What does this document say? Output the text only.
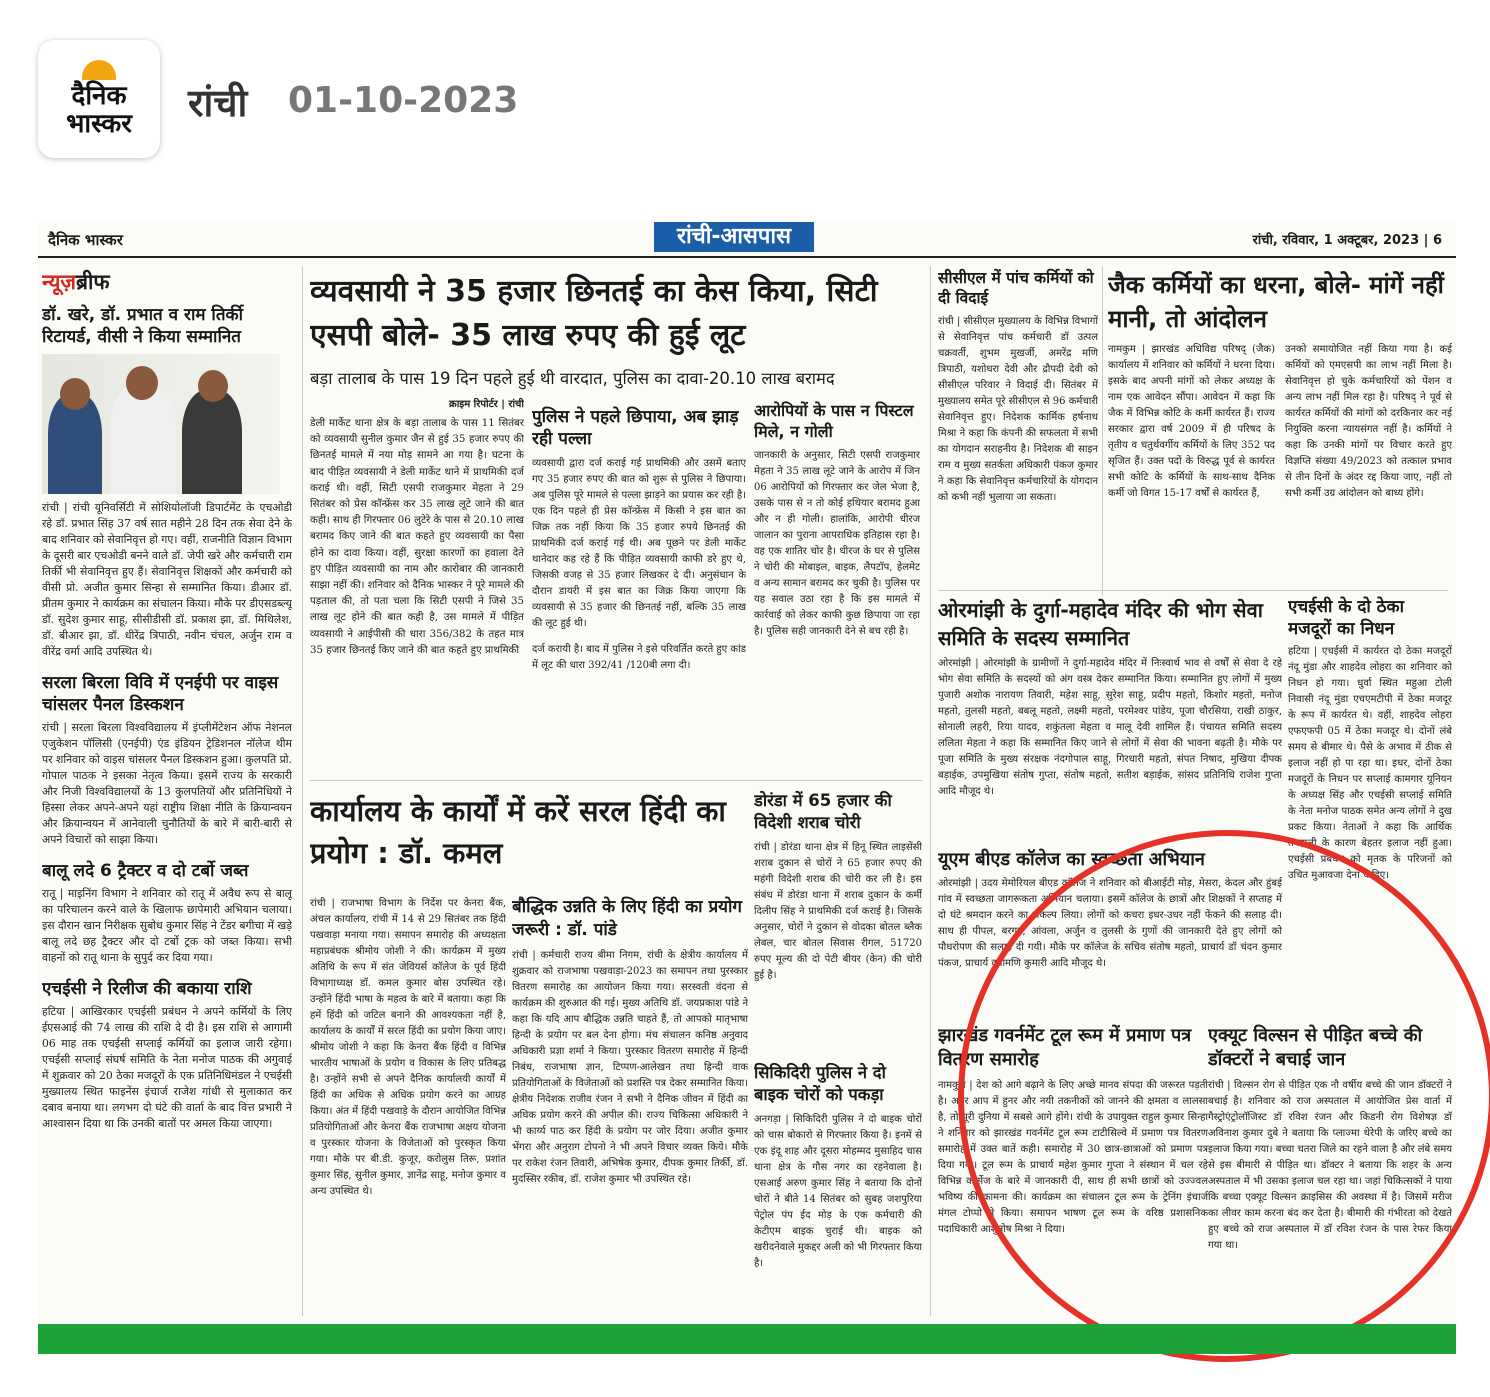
दैनिक
भास्कर रांची 01-10-2023
दैनिक भास्कर	रांची-आसपास	रांची, रविवार, 1 अक्टूबर, 2023 | 6
न्यूज़ब्रीफ
डॉ. खरे, डॉ. प्रभात व राम तिर्की रिटायर्ड, वीसी ने किया सम्मानित

रांची | रांची यूनिवर्सिटी में सोशियोलॉजी डिपार्टमेंट के एचओडी रहे डॉ. प्रभात सिंह 37 वर्ष सात महीने 28 दिन तक सेवा देने के बाद शनिवार को सेवानिवृत्त हो गए। वहीं, राजनीति विज्ञान विभाग के दूसरी बार एचओडी बनने वाले डॉ. जेपी खरे और कर्मचारी राम तिर्की भी सेवानिवृत्त हुए हैं। सेवानिवृत्त शिक्षकों और कर्मचारी को वीसी प्रो. अजीत कुमार सिन्हा से सम्मानित किया। डीआर डॉ. प्रीतम कुमार ने कार्यक्रम का संचालन किया। मौके पर डीएसडब्ल्यू डॉ. सुदेश कुमार साहू, सीसीडीसी डॉ. प्रकाश झा, डॉ. मिथिलेश, डॉ. बीआर झा, डॉ. धीरेंद्र त्रिपाठी, नवीन चंचल, अर्जुन राम व वीरेंद्र वर्मा आदि उपस्थित थे।

सरला बिरला विवि में एनईपी पर वाइस चांसलर पैनल डिस्कशन

रांची | सरला बिरला विश्वविद्यालय में इंप्लीमेंटेशन ऑफ नेशनल एजुकेशन पॉलिसी (एनईपी) एंड इंडियन ट्रेडिशनल नॉलेज थीम पर शनिवार को वाइस चांसलर पैनल डिस्कशन हुआ। कुलपति प्रो. गोपाल पाठक ने इसका नेतृत्व किया। इसमें राज्य के सरकारी और निजी विश्वविद्यालयों के 13 कुलपतियों और प्रतिनिधियों ने हिस्सा लेकर अपने-अपने यहां राष्ट्रीय शिक्षा नीति के क्रियान्वयन और क्रियान्वयन में आनेवाली चुनौतियों के बारे में बारी-बारी से अपने विचारों को साझा किया।

बालू लदे 6 ट्रैक्टर व दो टर्बो जब्त

रातू | माइनिंग विभाग ने शनिवार को रातू में अवैध रूप से बालू का परिचालन करने वाले के खिलाफ छापेमारी अभियान चलाया। इस दौरान खान निरीक्षक सुबोध कुमार सिंह ने टेंडर बगीचा में खड़े बालू लदे छह ट्रैक्टर और दो टर्बो ट्रक को जब्त किया। सभी वाहनों को रातू थाना के सुपुर्द कर दिया गया।

एचईसी ने रिलीज की बकाया राशि

हटिया | आखिरकार एचईसी प्रबंधन ने अपने कर्मियों के लिए ईएसआई की 74 लाख की राशि दे दी है। इस राशि से आगामी 06 माह तक एचईसी सप्लाई कर्मियों का इलाज जारी रहेगा। एचईसी सप्लाई संघर्ष समिति के नेता मनोज पाठक की अगुवाई में शुक्रवार को 20 ठेका मजदूरों के एक प्रतिनिधिमंडल ने एचईसी मुख्यालय स्थित फाइनेंस इंचार्ज राजेश गांधी से मुलाकात कर दबाव बनाया था। लगभग दो घंटे की वार्ता के बाद वित्त प्रभारी ने आश्वासन दिया था कि उनकी बातों पर अमल किया जाएगा।

व्यवसायी ने 35 हजार छिनतई का केस किया, सिटी एसपी बोले- 35 लाख रुपए की हुई लूट
बड़ा तालाब के पास 19 दिन पहले हुई थी वारदात, पुलिस का दावा-20.10 लाख बरामद
क्राइम रिपोर्टर | रांची

डेली मार्केट थाना क्षेत्र के बड़ा तालाब के पास 11 सितंबर को व्यवसायी सुनील कुमार जैन से हुई 35 हजार रुपए की छिनतई मामले में नया मोड़ सामने आ गया है। घटना के बाद पीड़ित व्यवसायी ने डेली मार्केट थाने में प्राथमिकी दर्ज कराई थी। वहीं, सिटी एसपी राजकुमार मेहता ने 29 सितंबर को प्रेस कॉन्फ्रेंस कर 35 लाख लूटे जाने की बात कही। साथ ही गिरफ्तार 06 लुटेरे के पास से 20.10 लाख बरामद किए जाने की बात कहते हुए व्यवसायी का पैसा होने का दावा किया। वहीं, सुरक्षा कारणों का हवाला देते हुए पीड़ित व्यवसायी का नाम और कारोबार की जानकारी साझा नहीं की। शनिवार को दैनिक भास्कर ने पूरे मामले की पड़ताल की, तो पता चला कि सिटी एसपी ने जिसे 35 लाख लूट होने की बात कही है, उस मामले में पीड़ित व्यवसायी ने आईपीसी की धारा 356/382 के तहत मात्र 35 हजार छिनतई किए जाने की बात कहते हुए प्राथमिकी

पुलिस ने पहले छिपाया, अब झाड़ रही पल्ला

व्यवसायी द्वारा दर्ज कराई गई प्राथमिकी और उसमें बताए गए 35 हजार रुपए की बात को शुरू से पुलिस ने छिपाया। अब पुलिस पूरे मामले से पल्ला झाड़ने का प्रयास कर रही है। एक दिन पहले ही प्रेस कॉन्फ्रेंस में किसी ने इस बात का जिक्र तक नहीं किया कि 35 हजार रुपये छिनतई की प्राथमिकी दर्ज कराई गई थी। अब पूछने पर डेली मार्केट थानेदार कह रहे हैं कि पीड़ित व्यवसायी काफी डरे हुए थे, जिसकी वजह से 35 हजार लिखकर दे दी। अनुसंधान के दौरान डायरी में इस बात का जिक्र किया जाएगा कि व्यवसायी से 35 हजार की छिनतई नहीं, बल्कि 35 लाख की लूट हुई थी।

दर्ज करायी है। बाद में पुलिस ने इसे परिवर्तित करते हुए कांड में लूट की धारा 392/41 /120बी लगा दी।

आरोपियों के पास न पिस्टल मिले, न गोली

जानकारी के अनुसार, सिटी एसपी राजकुमार मेहता ने 35 लाख लूटे जाने के आरोप में जिन 06 आरोपियों को गिरफ्तार कर जेल भेजा है, उसके पास से न तो कोई हथियार बरामद हुआ और न ही गोली। हालांकि, आरोपी धीरज जालान का पुराना आपराधिक इतिहास रहा है। वह एक शातिर चोर है। धीरज के घर से पुलिस ने चोरी की मोबाइल, बाइक, लैपटॉप, हेलमेट व अन्य सामान बरामद कर चुकी है। पुलिस पर यह सवाल उठा रहा है कि इस मामले में कार्रवाई को लेकर काफी कुछ छिपाया जा रहा है। पुलिस सही जानकारी देने से बच रही है।

सीसीएल में पांच कर्मियों को दी विदाई

रांची | सीसीएल मुख्यालय के विभिन्न विभागों से सेवानिवृत्त पांच कर्मचारी डॉ उत्पल चक्रवर्ती, शुभम मुखर्जी, अमरेंद्र मणि त्रिपाठी, यशोधरा देवी और द्रौपदी देवी को सीसीएल परिवार ने विदाई दी। सितंबर में मुख्यालय समेत पूरे सीसीएल से 96 कर्मचारी सेवानिवृत्त हुए। निदेशक कार्मिक हर्षनाथ मिश्रा ने कहा कि कंपनी की सफलता में सभी का योगदान सराहनीय है। निदेशक बी साइन राम व मुख्य सतर्कता अधिकारी पंकज कुमार ने कहा कि सेवानिवृत्त कर्मचारियों के योगदान को कभी नहीं भुलाया जा सकता।

जैक कर्मियों का धरना, बोले- मांगें नहीं मानी, तो आंदोलन

नामकुम | झारखंड अधिविद्य परिषद् (जैक) कार्यालय में शनिवार को कर्मियों ने धरना दिया। इसके बाद अपनी मांगों को लेकर अध्यक्ष के नाम एक आवेदन सौंपा। आवेदन में कहा कि जैक में विभिन्न कोटि के कर्मी कार्यरत हैं। राज्य सरकार द्वारा वर्ष 2009 में ही परिषद के तृतीय व चतुर्थवर्गीय कर्मियों के लिए 352 पद सृजित हैं। उक्त पदों के विरुद्ध पूर्व से कार्यरत सभी कोटि के कर्मियों के साथ-साथ दैनिक कर्मी जो विगत 15-17 वर्षों से कार्यरत हैं,

उनको समायोजित नहीं किया गया है। कई कर्मियों को एमएसपी का लाभ नहीं मिला है। सेवानिवृत्त हो चुके कर्मचारियों को पेंशन व अन्य लाभ नहीं मिल रहा है। परिषद् ने पूर्व से कार्यरत कर्मियों की मांगों को दरकिनार कर नई नियुक्ति करना न्यायसंगत नहीं है। कर्मियों ने कहा कि उनकी मांगों पर विचार करते हुए विज्ञप्ति संख्या 49/2023 को तत्काल प्रभाव से तीन दिनों के अंदर रद्द किया जाए, नहीं तो सभी कर्मी उग्र आंदोलन को बाध्य होंगे।

ओरमांझी के दुर्गा-महादेव मंदिर की भोग सेवा समिति के सदस्य सम्मानित

ओरमांझी | ओरमांझी के ग्रामीणों ने दुर्गा-महादेव मंदिर में निःस्वार्थ भाव से वर्षों से सेवा दे रहे भोग सेवा समिति के सदस्यों को अंग वस्त्र देकर सम्मानित किया। सम्मानित हुए लोगों में मुख्य पुजारी अशोक नारायण तिवारी, महेश साहू, सुरेश साहू, प्रदीप महतो, किशोर महतो, मनोज महतो, तुलसी महतो, बबलू महतो, लक्ष्मी महतो, परमेश्वर पांडेय, पूजा चौरसिया, राखी ठाकुर, सोनाली लहरी, रिया यादव, शकुंतला मेहता व मालू देवी शामिल हैं। पंचायत समिति सदस्य ललिता मेहता ने कहा कि सम्मानित किए जाने से लोगों में सेवा की भावना बढ़ती है। मौके पर पूजा समिति के मुख्य संरक्षक नंदगोपाल साहू, गिरधारी महतो, संपत निषाद, मुखिया दीपक बड़ाईक, उपमुखिया संतोष गुप्ता, संतोष महतो, सतीश बड़ाईक, सांसद प्रतिनिधि राजेश गुप्ता आदि मौजूद थे।

एचईसी के दो ठेका मजदूरों का निधन

हटिया | एचईसी में कार्यरत दो ठेका मजदूरों नंदू मुंडा और शाहदेव लोहरा का शनिवार को निधन हो गया। धुर्वा स्थित महुआ टोली निवासी नंदू मुंडा एचएमटीपी में ठेका मजदूर के रूप में कार्यरत थे। वहीं, शाहदेव लोहरा एफएफपी 05 में ठेका मजदूर थे। दोनों लंबे समय से बीमार थे। पैसे के अभाव में ठीक से इलाज नहीं हो पा रहा था। इधर, दोनों ठेका मजदूरों के निधन पर सप्लाई कामगार यूनियन के अध्यक्ष सिंह और एचईसी सप्लाई समिति के नेता मनोज पाठक समेत अन्य लोगों ने दुख प्रकट किया। नेताओं ने कहा कि आर्थिक तंगहाली के कारण बेहतर इलाज नहीं हुआ। एचईसी प्रबंधन को मृतक के परिजनों को उचित मुआवजा देना चाहिए।

कार्यालय के कार्यों में करें सरल हिंदी का प्रयोग : डॉ. कमल

रांची | राजभाषा विभाग के निर्देश पर केनरा बैंक, अंचल कार्यालय, रांची में 14 से 29 सितंबर तक हिंदी पखवाड़ा मनाया गया। समापन समारोह की अध्यक्षता महाप्रबंधक श्रीमोय जोशी ने की। कार्यक्रम में मुख्य अतिथि के रूप में संत जेवियर्स कॉलेज के पूर्व हिंदी विभागाध्यक्ष डॉ. कमल कुमार बोस उपस्थित रहे। उन्होंने हिंदी भाषा के महत्व के बारे में बताया। कहा कि हमें हिंदी को जटिल बनाने की आवश्यकता नहीं है, कार्यालय के कार्यों में सरल हिंदी का प्रयोग किया जाए। श्रीमोय जोशी ने कहा कि केनरा बैंक हिंदी व विभिन्न भारतीय भाषाओं के प्रयोग व विकास के लिए प्रतिबद्ध है। उन्होंने सभी से अपने दैनिक कार्यालयी कार्यों में हिंदी का अधिक से अधिक प्रयोग करने का आग्रह किया। अंत में हिंदी पखवाड़े के दौरान आयोजित विभिन्न प्रतियोगिताओं और केनरा बैंक राजभाषा अक्षय योजना व पुरस्कार योजना के विजेताओं को पुरस्कृत किया गया। मौके पर बी.डी. कुजूर, करोलुस तिरू, प्रशांत कुमार सिंह, सुनील कुमार, ज्ञानेंद्र साहू, मनोज कुमार व अन्य उपस्थित थे।

बौद्धिक उन्नति के लिए हिंदी का प्रयोग जरूरी : डॉ. पांडे

रांची | कर्मचारी राज्य बीमा निगम, रांची के क्षेत्रीय कार्यालय में शुक्रवार को राजभाषा पखवाड़ा-2023 का समापन तथा पुरस्कार वितरण समारोह का आयोजन किया गया। सरस्वती वंदना से कार्यक्रम की शुरुआत की गई। मुख्य अतिथि डॉ. जयप्रकाश पांडे ने कहा कि यदि आप बौद्धिक उन्नति चाहते हैं, तो आपको मातृभाषा हिन्दी के प्रयोग पर बल देना होगा। मंच संचालन कनिष्ठ अनुवाद अधिकारी प्रज्ञा शर्मा ने किया। पुरस्कार वितरण समारोह में हिन्दी निबंध, राजभाषा ज्ञान, टिप्पण-आलेखन तथा हिन्दी वाक प्रतियोगिताओं के विजेताओं को प्रशस्ति पत्र देकर सम्मानित किया। क्षेत्रीय निदेशक राजीव रंजन ने सभी ने दैनिक जीवन में हिंदी का अधिक प्रयोग करने की अपील की। राज्य चिकित्सा अधिकारी ने भी कार्य्य पाठ कर हिंदी के प्रयोग पर जोर दिया। अजीत कुमार भेंगरा और अनुराग टोपनो ने भी अपने विचार व्यक्त किये। मौके पर राकेश रंजन तिवारी, अभिषेक कुमार, दीपक कुमार तिर्की, डॉ. मुदस्सिर रकीब, डॉ. राजेश कुमार भी उपस्थित रहे।

डोरंडा में 65 हजार की विदेशी शराब चोरी

रांची | डोरंडा थाना क्षेत्र में हिनू स्थित लाइसेंसी शराब दुकान से चोरों ने 65 हजार रुपए की महंगी विदेशी शराब की चोरी कर ली है। इस संबंध में डोरंडा थाना में शराब दुकान के कर्मी दिलीप सिंह ने प्राथमिकी दर्ज कराई है। जिसके अनुसार, चोरों ने दुकान से वोदका बोतल ब्लैक लेबल, चार बोतल सिवास रीगल, 51720 रुपए मूल्य की दो पेटी बीयर (केन) की चोरी हुई है।

सिकिदिरी पुलिस ने दो बाइक चोरों को पकड़ा

अनगड़ा | सिकिदिरी पुलिस ने दो बाइक चोरों को चास बोकारो से गिरफ्तार किया है। इनमें से एक इंदू शाह और दूसरा मोहम्मद मुसाहिद चास थाना क्षेत्र के गौस नगर का रहनेवाला है। एसआई अरुण कुमार सिंह ने बताया कि दोनों चोरों ने बीते 14 सितंबर को सुबह जशपुरिया पेट्रोल पंप ईद मोड़ के एक कर्मचारी की केटीएम बाइक चुराई थी। बाइक को खरीदनेवाले मुकद्दर अली को भी गिरफ्तार किया है।

यूएम बीएड कॉलेज का स्वच्छता अभियान

ओरमांझी | उदय मेमोरियल बीएड कॉलेज ने शनिवार को बीआईटी मोड़, मेसरा, केदल और हुंबई गांव में स्वच्छता जागरूकता अभियान चलाया। इसमें कॉलेज के छात्रों और शिक्षकों ने सप्ताह में दो घंटे श्रमदान करने का संकल्प लिया। लोगों को कचरा इधर-उधर नहीं फेंकने की सलाह दी। साथ ही पीपल, बरगद, आंवला, अर्जुन व तुलसी के गुणों की जानकारी देते हुए लोगों को पौधरोपण की सलाह दी गयी। मौके पर कॉलेज के सचिव संतोष महतो, प्राचार्य डॉ चंदन कुमार पंकज, प्राचार्य दयामणि कुमारी आदि मौजूद थे।

झारखंड गवर्नमेंट टूल रूम में प्रमाण पत्र वितरण समारोह

नामकुम | देश को आगे बढ़ाने के लिए अच्छे मानव संपदा की जरूरत पड़ती है। अगर आप में हुनर और नयी तकनीकों को जानने की क्षमता व लालसा है, तो पूरी दुनिया में सबसे आगे होंगे। रांची के उपायुक्त राहुल कुमार सिन्हा ने शनिवार को झारखंड गवर्नमेंट टूल रूम टाटीसिल्वे में प्रमाण पत्र वितरण समारोह में उक्त बातें कही। समारोह में 30 छात्र-छात्राओं को प्रमाण पत्र दिया गया। टूल रूम के प्राचार्य महेश कुमार गुप्ता ने संस्थान में चल रहे विभिन्न कोर्सेज के बारे में जानकारी दी, साथ ही सभी छात्रों को उज्ज्वल भविष्य की कामना की। कार्यक्रम का संचालन टूल रूम के ट्रेनिंग इंचार्ज मंगल टोप्पो ने किया। समापन भाषण टूल रूम के वरिष्ठ प्रशासनिक पदाधिकारी आशुतोष मिश्रा ने दिया।

एक्यूट विल्सन से पीड़ित बच्चे की डॉक्टरों ने बचाई जान

रांची | विल्सन रोग से पीड़ित एक नौ वर्षीय बच्चे की जान डॉक्टरों ने बचाई है। शनिवार को राज अस्पताल में आयोजित प्रेस वार्ता में गैस्ट्रोएंट्रोलॉजिस्ट डॉ रविश रंजन और किडनी रोग विशेषज्ञ डॉ अविनाश कुमार दुबे ने बताया कि प्लाज्मा थेरेपी के जरिए बच्चे का इलाज किया गया। बच्चा चतरा जिले का रहने वाला है और लंबे समय से इस बीमारी से पीड़ित था। डॉक्टर ने बताया कि शहर के अन्य अस्पताल में भी उसका इलाज चल रहा था। जहां चिकित्सकों ने पाया कि बच्चा एक्यूट विल्सन क्राइसिस की अवस्था में है। जिसमें मरीज का लीवर काम करना बंद कर देता है। बीमारी की गंभीरता को देखते हुए बच्चे को राज अस्पताल में डॉ रविश रंजन के पास रेफर किया गया था।
